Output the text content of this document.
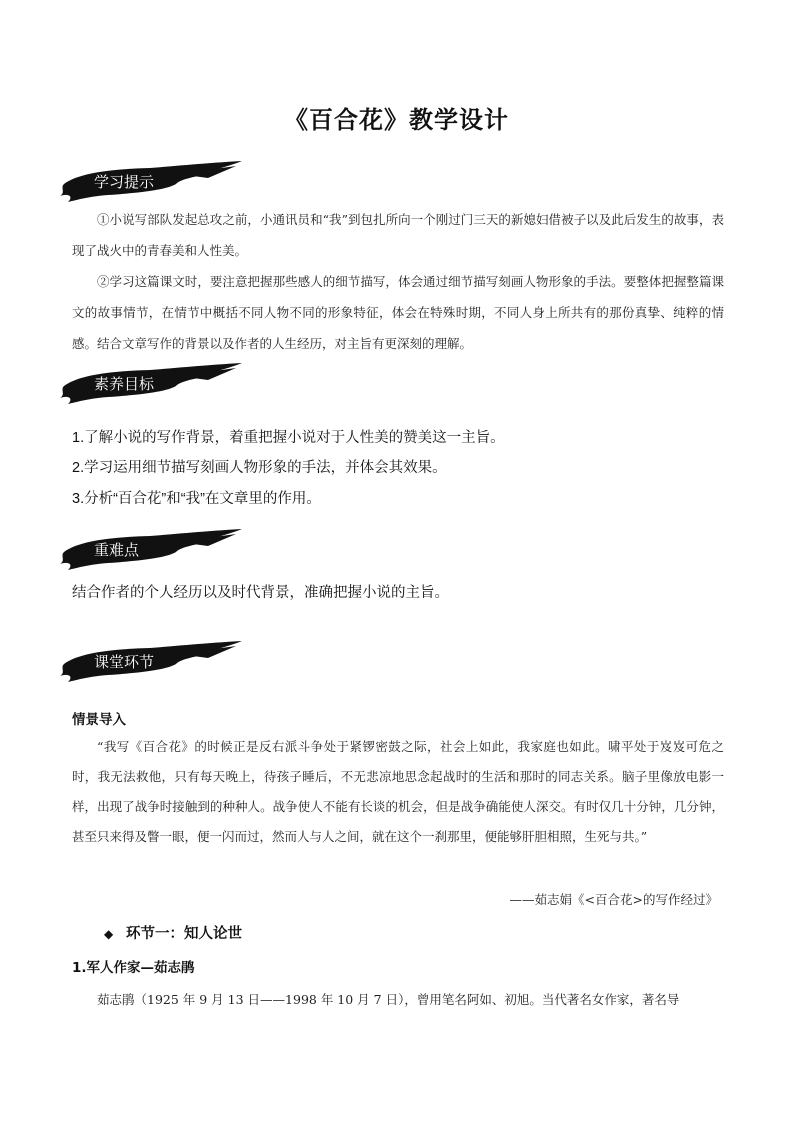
《百合花》教学设计
学习提示

①小说写部队发起总攻之前，小通讯员和“我”到包扎所向一个刚过门三天的新媳妇借被子以及此后发生的故事，表现了战火中的青春美和人性美。

②学习这篇课文时，要注意把握那些感人的细节描写，体会通过细节描写刻画人物形象的手法。要整体把握整篇课文的故事情节，在情节中概括不同人物不同的形象特征，体会在特殊时期，不同人身上所共有的那份真挚、纯粹的情感。结合文章写作的背景以及作者的人生经历，对主旨有更深刻的理解。

素养目标
1.了解小说的写作背景，着重把握小说对于人性美的赞美这一主旨。
2.学习运用细节描写刻画人物形象的手法，并体会其效果。
3.分析“百合花”和“我”在文章里的作用。
重难点
结合作者的个人经历以及时代背景，准确把握小说的主旨。
课堂环节
情景导入

“我写《百合花》的时候正是反右派斗争处于紧锣密鼓之际，社会上如此，我家庭也如此。啸平处于岌岌可危之时，我无法救他，只有每天晚上，待孩子睡后，不无悲凉地思念起战时的生活和那时的同志关系。脑子里像放电影一样，出现了战争时接触到的种种人。战争使人不能有长谈的机会，但是战争确能使人深交。有时仅几十分钟，几分钟，甚至只来得及瞥一眼，便一闪而过，然而人与人之间，就在这个一刹那里，便能够肝胆相照，生死与共。”

——茹志娟《<百合花>的写作经过》
◆ 环节一：知人论世
1.军人作家—茹志鹃

茹志鹃（1925 年 9 月 13 日——1998 年 10 月 7 日），曾用笔名阿如、初旭。当代著名女作家，著名导
